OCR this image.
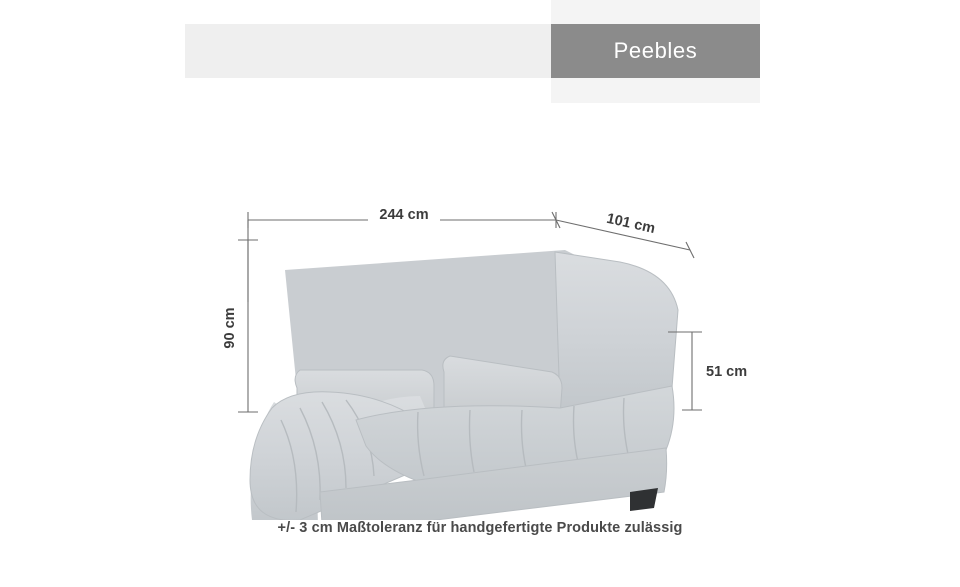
Peebles
244 cm	101 cm
90 cm
51 cm
+/- 3 cm Maßtoleranz für handgefertigte Produkte zulässig
